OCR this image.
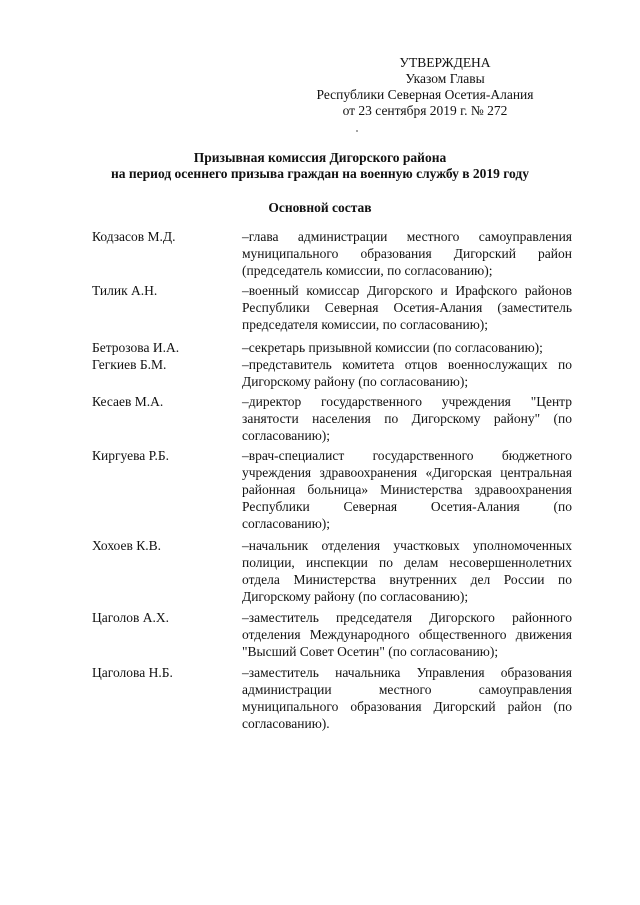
УТВЕРЖДЕНА
Указом Главы
Республики Северная Осетия-Алания
от 23 сентября 2019 г. № 272
Призывная комиссия Дигорского района
на период осеннего призыва граждан на военную службу в 2019 году
Основной состав
Кодзасов М.Д.	–глава администрации местного самоуправления муниципального образования Дигорский район (председатель комиссии, по согласованию);
Тилик А.Н.	–военный комиссар Дигорского и Ирафского районов Республики Северная Осетия-Алания (заместитель председателя комиссии, по согласованию);
Бетрозова И.А.	–секретарь призывной комиссии (по согласованию);
Гегкиев Б.М.	–представитель комитета отцов военнослужащих по Дигорскому району (по согласованию);
Кесаев М.А.	–директор государственного учреждения "Центр занятости населения по Дигорскому району" (по согласованию);
Киргуева Р.Б.	–врач-специалист государственного бюджетного учреждения здравоохранения «Дигорская центральная районная больница» Министерства здравоохранения Республики Северная Осетия-Алания (по согласованию);
Хохоев К.В.	–начальник отделения участковых уполномоченных полиции, инспекции по делам несовершеннолетних отдела Министерства внутренних дел России по Дигорскому району (по согласованию);
Цаголов А.Х.	–заместитель председателя Дигорского районного отделения Международного общественного движения "Высший Совет Осетин" (по согласованию);
Цаголова Н.Б.	–заместитель начальника Управления образования администрации местного самоуправления муниципального образования Дигорский район (по согласованию).
